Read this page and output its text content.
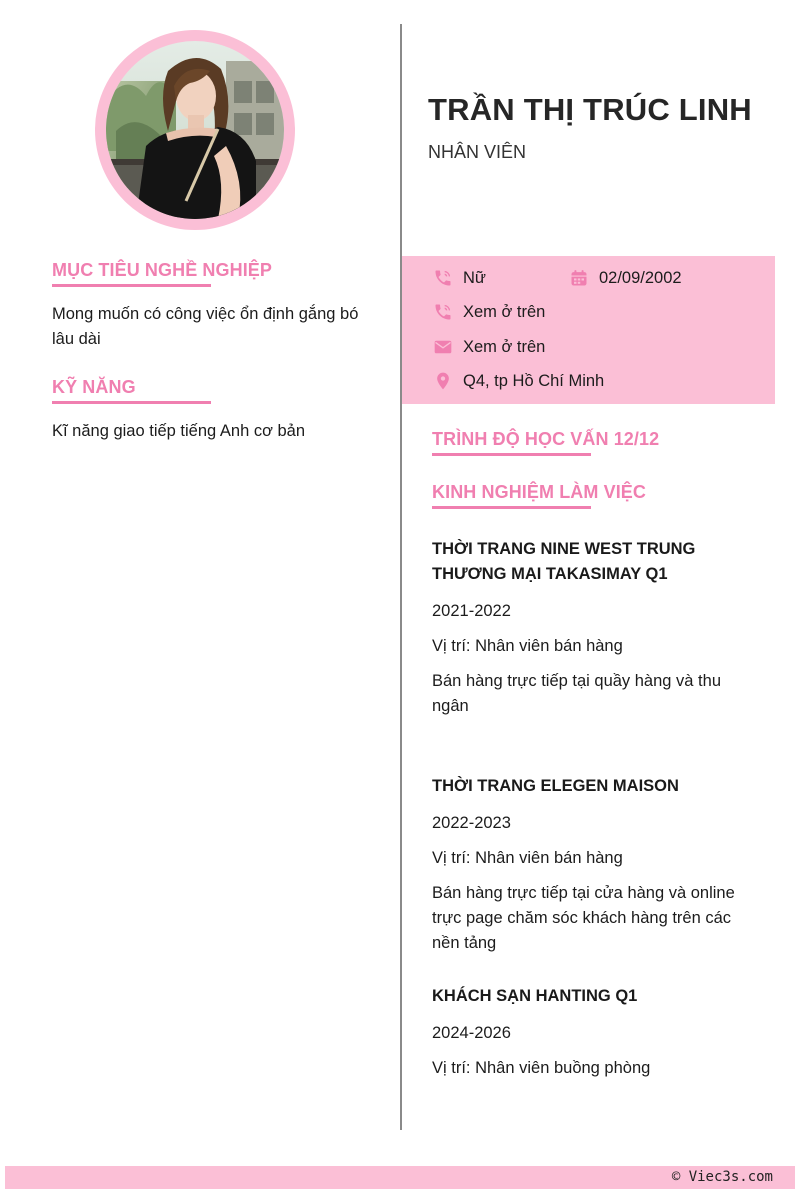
TRẦN THỊ TRÚC LINH
NHÂN VIÊN
MỤC TIÊU NGHỀ NGHIỆP
Mong muốn có công việc ổn định gắng bó lâu dài
KỸ NĂNG
Kĩ năng giao tiếp tiếng Anh cơ bản
Nữ	02/09/2002
Xem ở trên
Xem ở trên
Q4, tp Hồ Chí Minh
TRÌNH ĐỘ HỌC VẤN 12/12
KINH NGHIỆM LÀM VIỆC
THỜI TRANG NINE WEST TRUNG THƯƠNG MẠI TAKASIMAY Q1
2021-2022
Vị trí: Nhân viên bán hàng
Bán hàng trực tiếp tại quầy hàng và thu ngân
THỜI TRANG ELEGEN MAISON
2022-2023
Vị trí: Nhân viên bán hàng
Bán hàng trực tiếp tại cửa hàng và online trực page chăm sóc khách hàng trên các nền tảng
KHÁCH SẠN HANTING Q1
2024-2026
Vị trí: Nhân viên buồng phòng
© Viec3s.com
